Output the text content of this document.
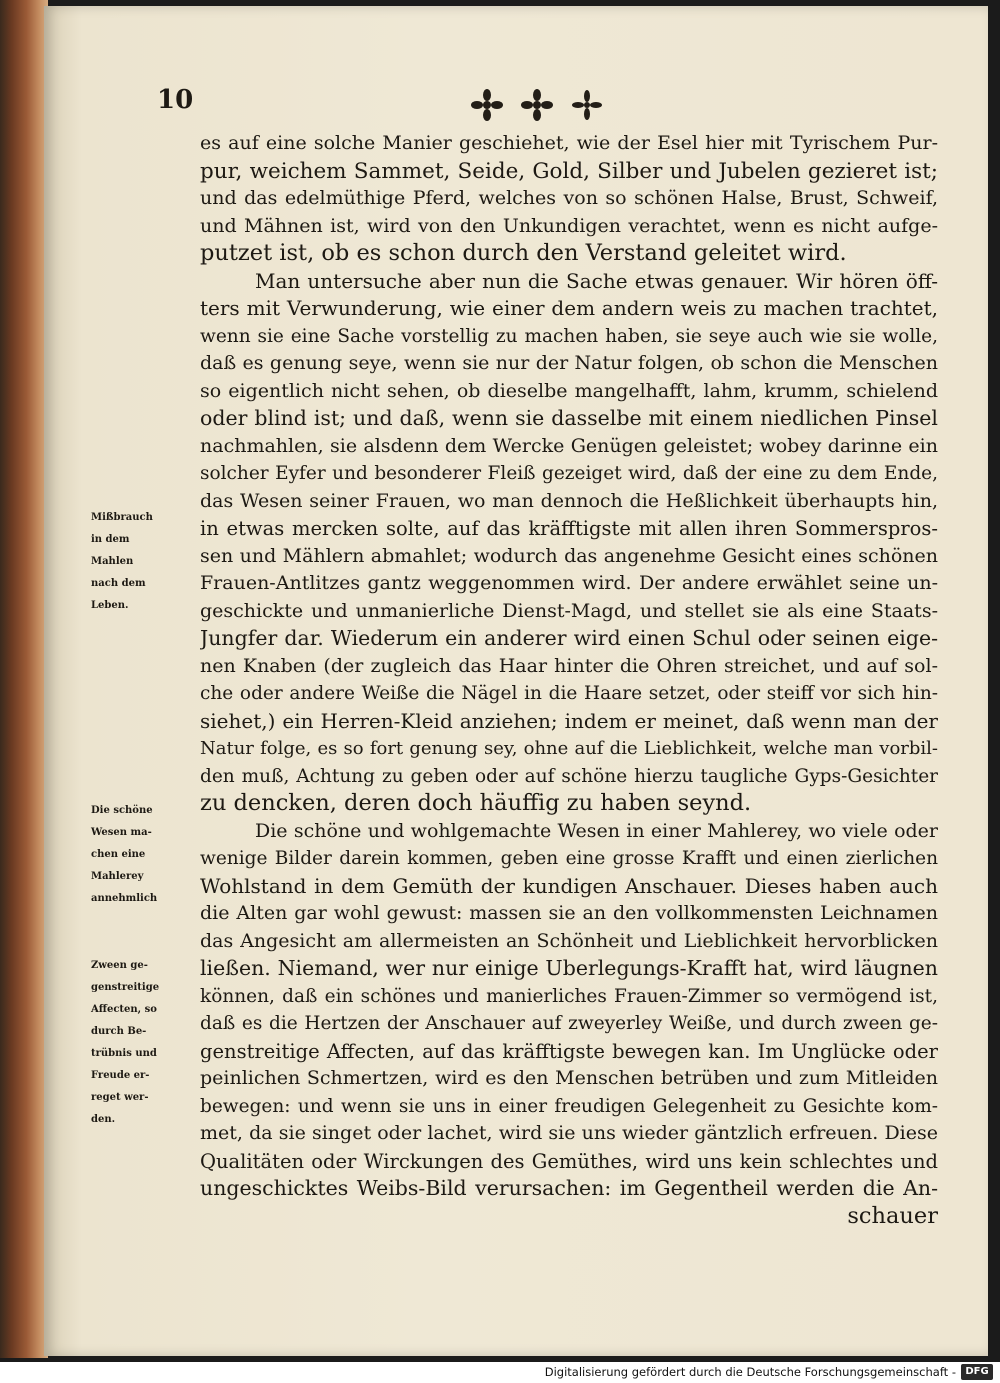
10
es auf eine solche Manier geschiehet, wie der Esel hier mit Tyrischem Pur-
pur, weichem Sammet, Seide, Gold, Silber und Jubelen gezieret ist;
und das edelmüthige Pferd, welches von so schönen Halse, Brust, Schweif,
und Mähnen ist, wird von den Unkundigen verachtet, wenn es nicht aufge-
putzet ist, ob es schon durch den Verstand geleitet wird.
Man untersuche aber nun die Sache etwas genauer. Wir hören öff-
ters mit Verwunderung, wie einer dem andern weis zu machen trachtet,
wenn sie eine Sache vorstellig zu machen haben, sie seye auch wie sie wolle,
daß es genung seye, wenn sie nur der Natur folgen, ob schon die Menschen
so eigentlich nicht sehen, ob dieselbe mangelhafft, lahm, krumm, schielend
oder blind ist; und daß, wenn sie dasselbe mit einem niedlichen Pinsel
nachmahlen, sie alsdenn dem Wercke Genügen geleistet; wobey darinne ein
solcher Eyfer und besonderer Fleiß gezeiget wird, daß der eine zu dem Ende,
das Wesen seiner Frauen, wo man dennoch die Heßlichkeit überhaupts hin,
in etwas mercken solte, auf das kräfftigste mit allen ihren Sommerspros-
sen und Mählern abmahlet; wodurch das angenehme Gesicht eines schönen
Frauen-Antlitzes gantz weggenommen wird. Der andere erwählet seine un-
geschickte und unmanierliche Dienst-Magd, und stellet sie als eine Staats-
Jungfer dar. Wiederum ein anderer wird einen Schul oder seinen eige-
nen Knaben (der zugleich das Haar hinter die Ohren streichet, und auf sol-
che oder andere Weiße die Nägel in die Haare setzet, oder steiff vor sich hin-
siehet,) ein Herren-Kleid anziehen; indem er meinet, daß wenn man der
Natur folge, es so fort genung sey, ohne auf die Lieblichkeit, welche man vorbil-
den muß, Achtung zu geben oder auf schöne hierzu taugliche Gyps-Gesichter
zu dencken, deren doch häuffig zu haben seynd.
Die schöne und wohlgemachte Wesen in einer Mahlerey, wo viele oder
wenige Bilder darein kommen, geben eine grosse Krafft und einen zierlichen
Wohlstand in dem Gemüth der kundigen Anschauer. Dieses haben auch
die Alten gar wohl gewust: massen sie an den vollkommensten Leichnamen
das Angesicht am allermeisten an Schönheit und Lieblichkeit hervorblicken
ließen. Niemand, wer nur einige Uberlegungs-Krafft hat, wird läugnen
können, daß ein schönes und manierliches Frauen-Zimmer so vermögend ist,
daß es die Hertzen der Anschauer auf zweyerley Weiße, und durch zween ge-
genstreitige Affecten, auf das kräfftigste bewegen kan. Im Unglücke oder
peinlichen Schmertzen, wird es den Menschen betrüben und zum Mitleiden
bewegen: und wenn sie uns in einer freudigen Gelegenheit zu Gesichte kom-
met, da sie singet oder lachet, wird sie uns wieder gäntzlich erfreuen. Diese
Qualitäten oder Wirckungen des Gemüthes, wird uns kein schlechtes und
ungeschicktes Weibs-Bild verursachen: im Gegentheil werden die An-
schauer
Mißbrauch
in dem
Mahlen
nach dem
Leben.
Die schöne
Wesen ma-
chen eine
Mahlerey
annehmlich
Zween ge-
genstreitige
Affecten, so
durch Be-
trübnis und
Freude er-
reget wer-
den.
Digitalisierung gefördert durch die Deutsche Forschungsgemeinschaft - DFG
